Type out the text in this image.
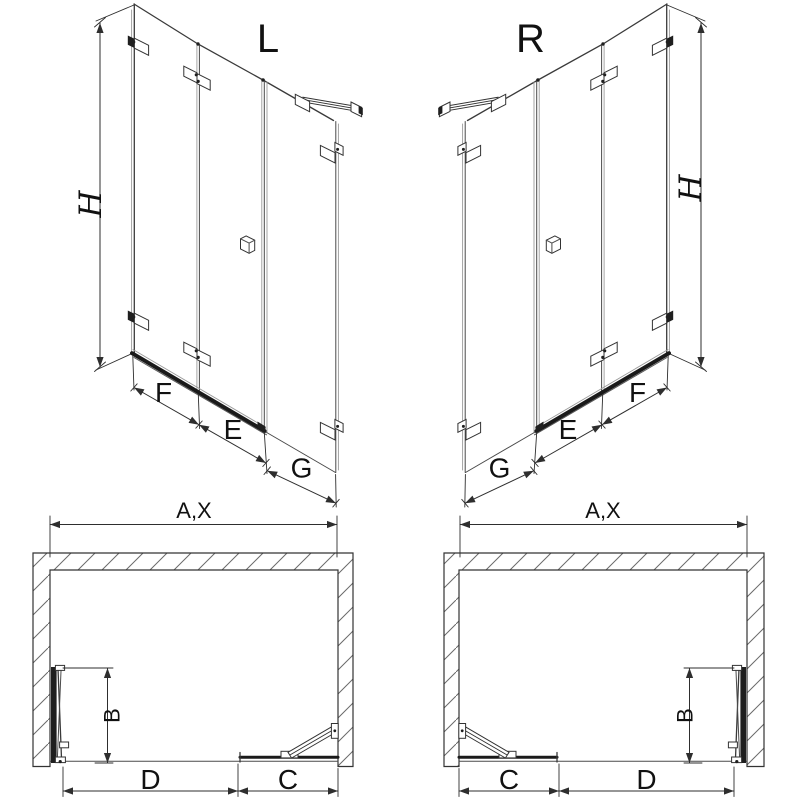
L
H
F
E
G
R
H
F
E
G
A,X
B
D	C
A,X
B
C	D
